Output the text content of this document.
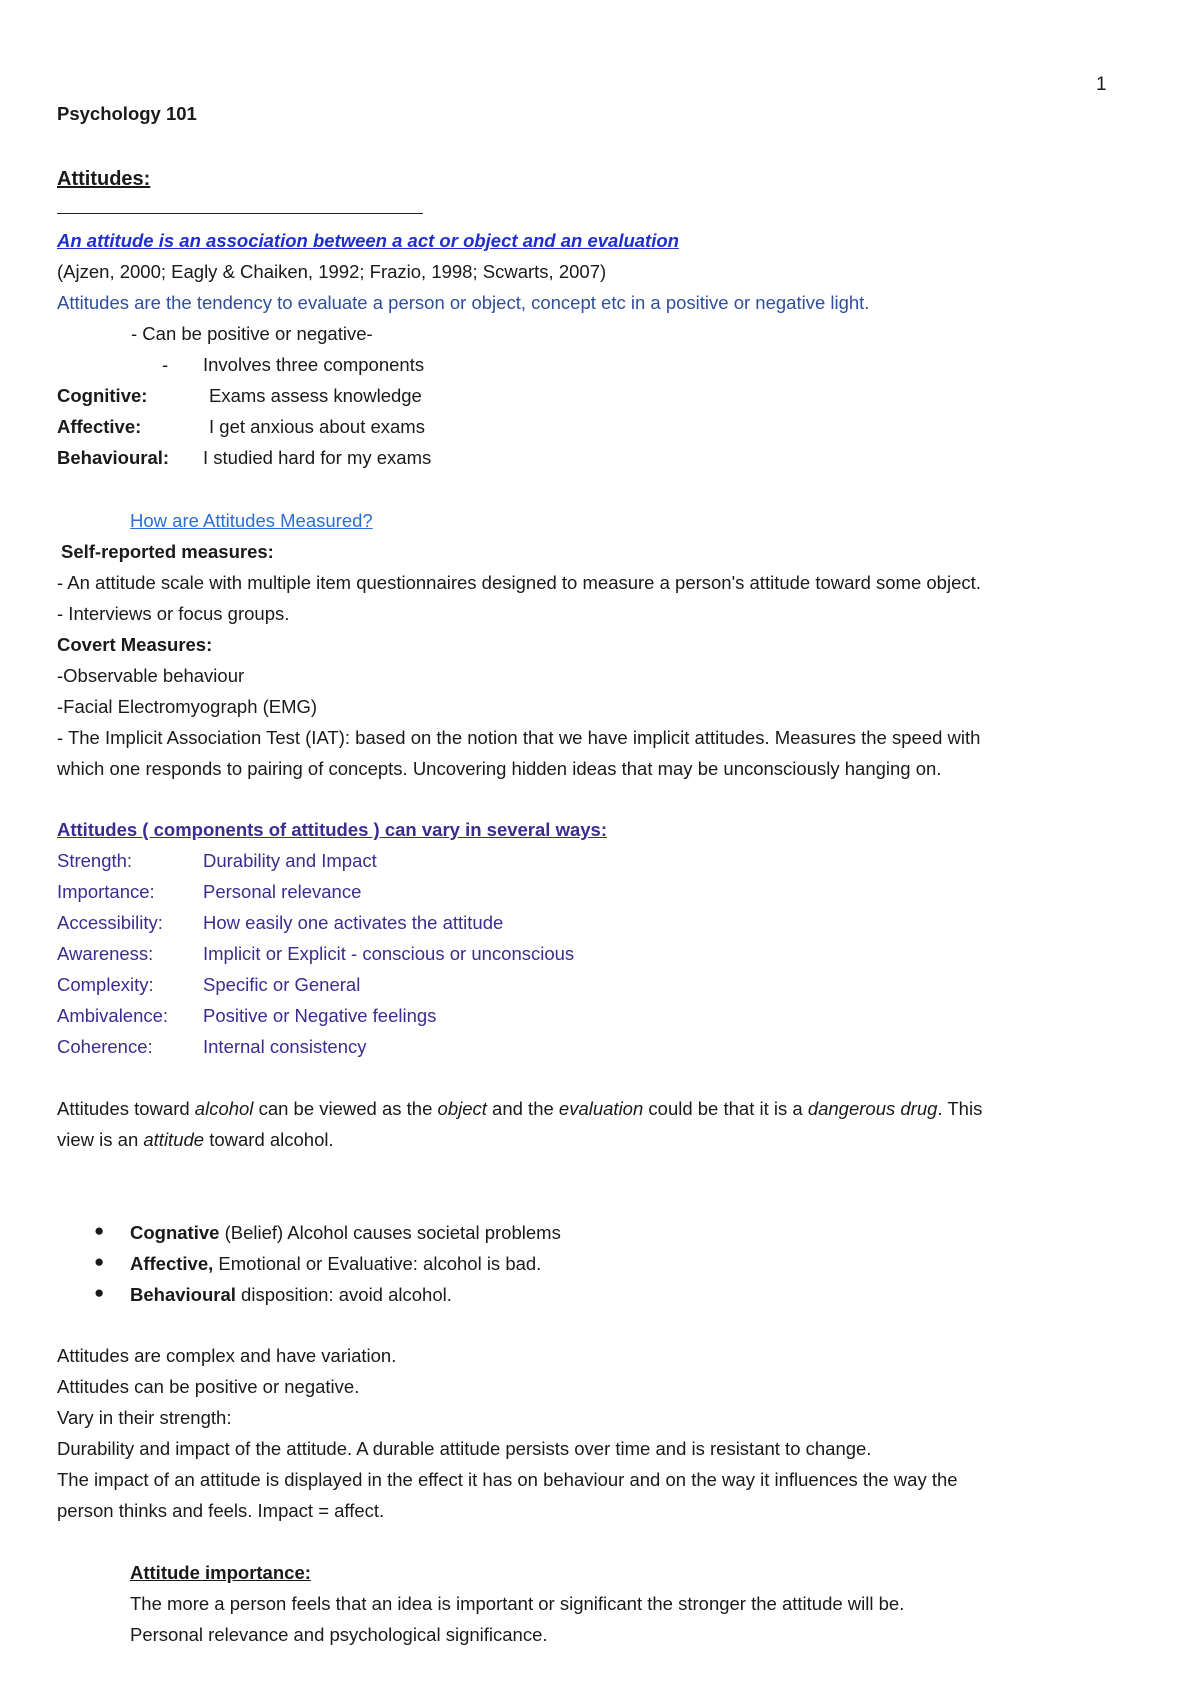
1
Psychology 101
Attitudes:
An attitude is an association between a act or object and an evaluation
(Ajzen, 2000; Eagly & Chaiken, 1992; Frazio, 1998; Scwarts, 2007)
Attitudes are the tendency to evaluate a person or object, concept etc in a positive or negative light.
- Can be positive or negative-
- Involves three components
Cognitive:	Exams assess knowledge
Affective:	I get anxious about exams
Behavioural: I studied hard for my exams
How are Attitudes Measured?
Self-reported measures:
- An attitude scale with multiple item questionnaires designed to measure a person's attitude toward some object.
- Interviews or focus groups.
Covert Measures:
-Observable behaviour
-Facial Electromyograph (EMG)
- The Implicit Association Test (IAT): based on the notion that we have implicit attitudes. Measures the speed with
which one responds to pairing of concepts. Uncovering hidden ideas that may be unconsciously hanging on.
Attitudes ( components of attitudes ) can vary in several ways:
Strength:	Durability and Impact
Importance:	Personal relevance
Accessibility: How easily one activates the attitude
Awareness:	Implicit or Explicit - conscious or unconscious
Complexity:	Specific or General
Ambivalence: Positive or Negative feelings
Coherence:	Internal consistency
Attitudes toward alcohol can be viewed as the object and the evaluation could be that it is a dangerous drug. This
view is an attitude toward alcohol.
● Cognative (Belief) Alcohol causes societal problems
● Affective, Emotional or Evaluative: alcohol is bad.
● Behavioural disposition: avoid alcohol.
Attitudes are complex and have variation.
Attitudes can be positive or negative.
Vary in their strength:
Durability and impact of the attitude. A durable attitude persists over time and is resistant to change.
The impact of an attitude is displayed in the effect it has on behaviour and on the way it influences the way the
person thinks and feels. Impact = affect.
Attitude importance:
The more a person feels that an idea is important or significant the stronger the attitude will be.
Personal relevance and psychological significance.
